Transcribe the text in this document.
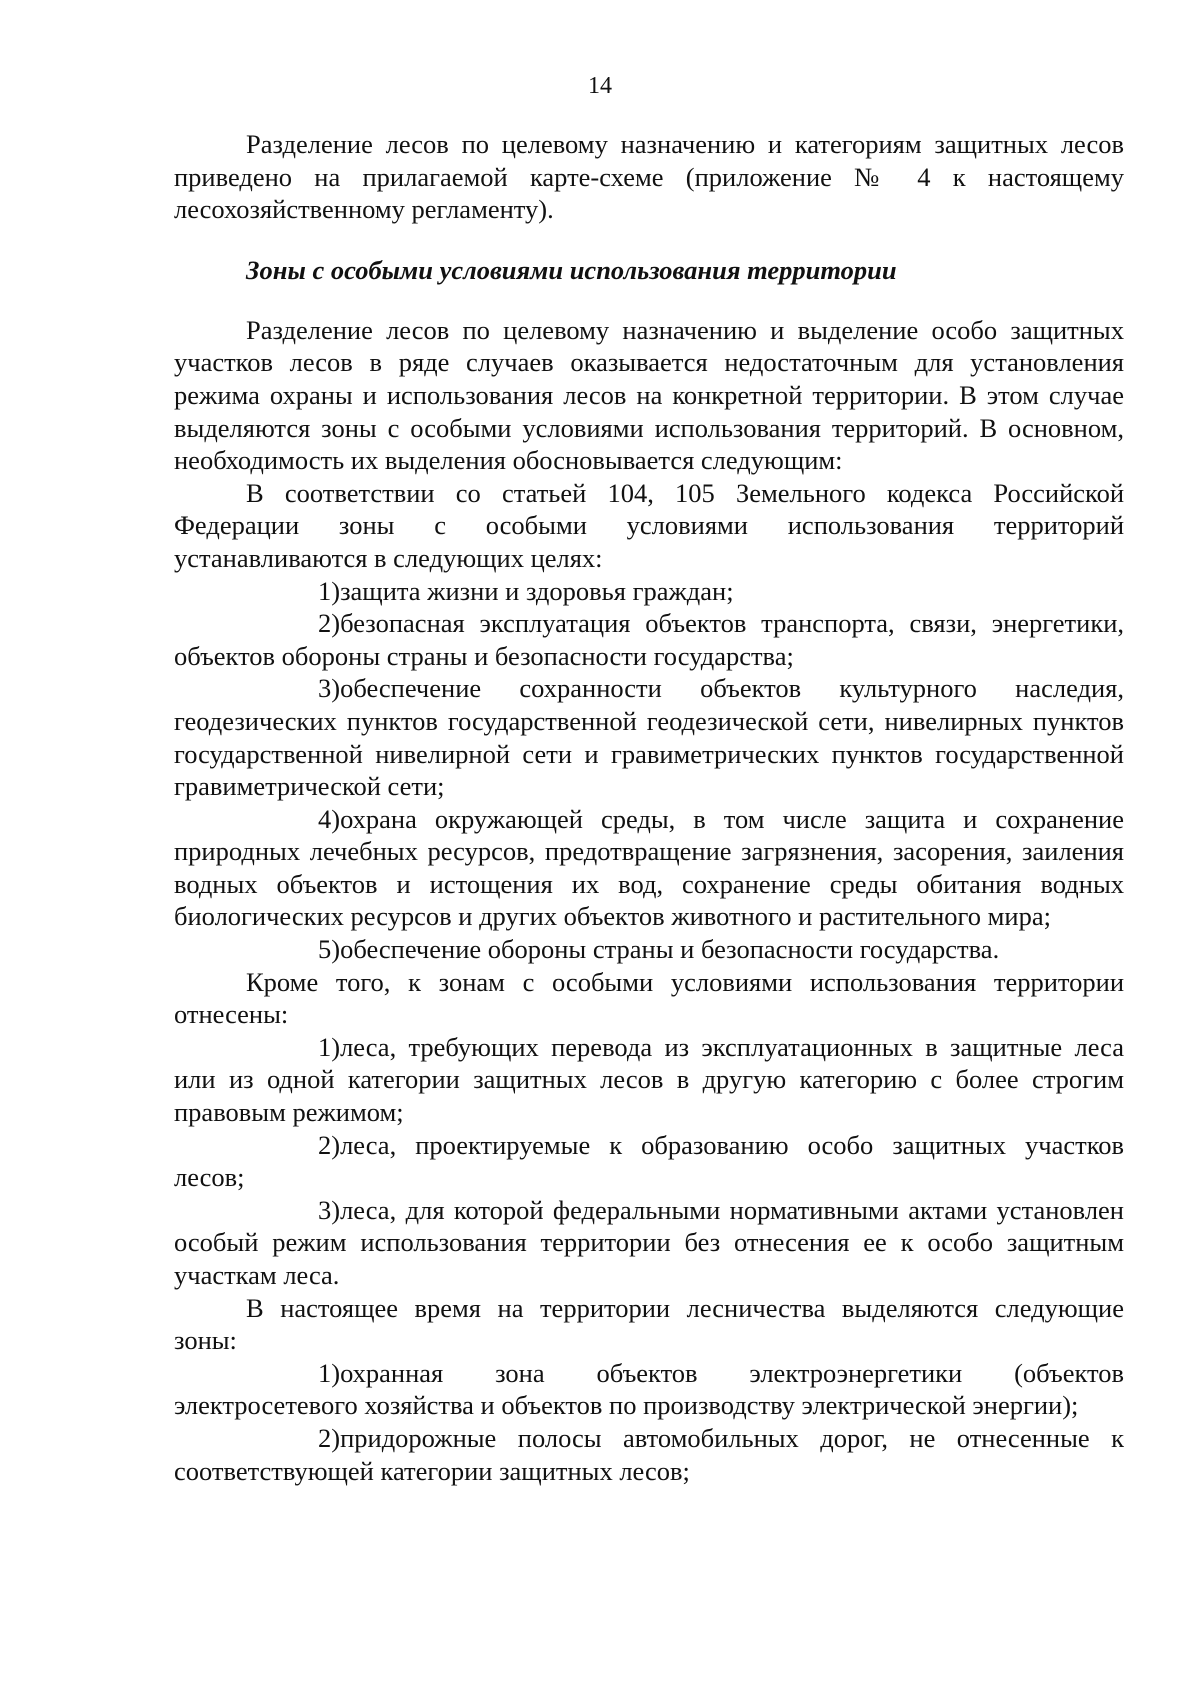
14

Разделение лесов по целевому назначению и категориям защитных лесов приведено на прилагаемой карте-схеме (приложение № 4 к настоящему лесохозяйственному регламенту).

Зоны с особыми условиями использования территории

Разделение лесов по целевому назначению и выделение особо защитных участков лесов в ряде случаев оказывается недостаточным для установления режима охраны и использования лесов на конкретной территории. В этом случае выделяются зоны с особыми условиями использования территорий. В основном, необходимость их выделения обосновывается следующим:

В соответствии со статьей 104, 105 Земельного кодекса Российской Федерации зоны с особыми условиями использования территорий устанавливаются в следующих целях:

1)защита жизни и здоровья граждан;

2)безопасная эксплуатация объектов транспорта, связи, энергетики, объектов обороны страны и безопасности государства;

3)обеспечение сохранности объектов культурного наследия, геодезических пунктов государственной геодезической сети, нивелирных пунктов государственной нивелирной сети и гравиметрических пунктов государственной гравиметрической сети;

4)охрана окружающей среды, в том числе защита и сохранение природных лечебных ресурсов, предотвращение загрязнения, засорения, заиления водных объектов и истощения их вод, сохранение среды обитания водных биологических ресурсов и других объектов животного и растительного мира;

5)обеспечение обороны страны и безопасности государства.

Кроме того, к зонам с особыми условиями использования территории отнесены:

1)леса, требующих перевода из эксплуатационных в защитные леса или из одной категории защитных лесов в другую категорию с более строгим правовым режимом;

2)леса, проектируемые к образованию особо защитных участков лесов;

3)леса, для которой федеральными нормативными актами установлен особый режим использования территории без отнесения ее к особо защитным участкам леса.

В настоящее время на территории лесничества выделяются следующие зоны:

1)охранная зона объектов электроэнергетики (объектов электросетевого хозяйства и объектов по производству электрической энергии);

2)придорожные полосы автомобильных дорог, не отнесенные к соответствующей категории защитных лесов;
